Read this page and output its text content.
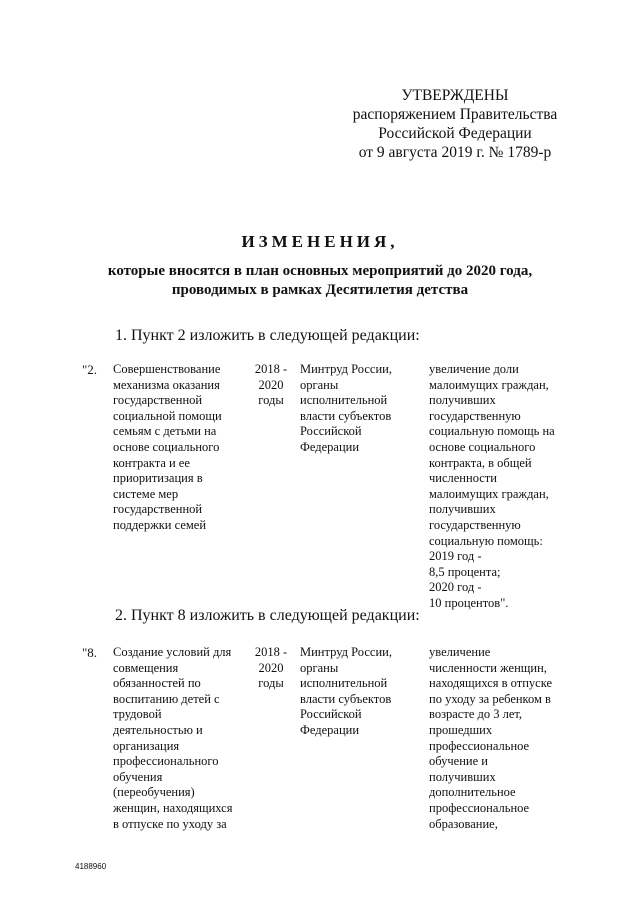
УТВЕРЖДЕНЫ
распоряжением Правительства
Российской Федерации
от 9 августа 2019 г. № 1789-р
ИЗМЕНЕНИЯ,
которые вносятся в план основных мероприятий до 2020 года,
проводимых в рамках Десятилетия детства
1. Пункт 2 изложить в следующей редакции:
"2. Совершенствование
механизма оказания
государственной
социальной помощи
семьям с детьми на
основе социального
контракта и ее
приоритизация в
системе мер
государственной
поддержки семей
2018 -
2020
годы
Минтруд России,
органы
исполнительной
власти субъектов
Российской
Федерации
увеличение доли
малоимущих граждан,
получивших
государственную
социальную помощь на
основе социального
контракта, в общей
численности
малоимущих граждан,
получивших
государственную
социальную помощь:
2019 год -
8,5 процента;
2020 год -
10 процентов".
2. Пункт 8 изложить в следующей редакции:
"8. Создание условий для
совмещения
обязанностей по
воспитанию детей с
трудовой
деятельностью и
организация
профессионального
обучения
(переобучения)
женщин, находящихся
в отпуске по уходу за
2018 -
2020
годы
Минтруд России,
органы
исполнительной
власти субъектов
Российской
Федерации
увеличение
численности женщин,
находящихся в отпуске
по уходу за ребенком в
возрасте до 3 лет,
прошедших
профессиональное
обучение и
получивших
дополнительное
профессиональное
образование,
4188960
